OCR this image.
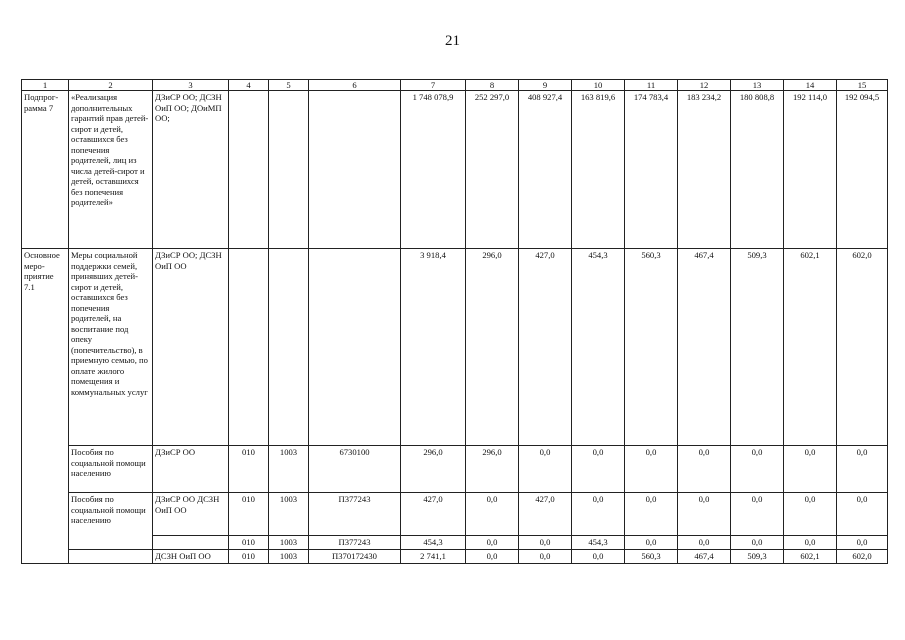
21
1	2	3	4	5	6	7	8	9	10	11	12	13	14	15
Подпрог-рамма 7	«Реализация дополнительных гарантий прав детей-сирот и детей, оставшихся без попечения родителей, лиц из числа детей-сирот и детей, оставшихся без попечения родителей»	ДЗиСР ОО; ДСЗН ОиП ОО; ДОиМП ОО;				1 748 078,9	252 297,0	408 927,4	163 819,6	174 783,4	183 234,2	180 808,8	192 114,0	192 094,5
Основное меро-приятие 7.1	Меры социальной поддержки семей, принявших детей-сирот и детей, оставшихся без попечения родителей, на воспитание под опеку (попечительство), в приемную семью, по оплате жилого помещения и коммунальных услуг	ДЗиСР ОО; ДСЗН ОиП ОО				3 918,4	296,0	427,0	454,3	560,3	467,4	509,3	602,1	602,0
	Пособия по социальной помощи населению	ДЗиСР ОО	010	1003	6730100	296,0	296,0	0,0	0,0	0,0	0,0	0,0	0,0	0,0
	Пособия по социальной помощи населению	ДЗиСР ОО ДСЗН ОиП ОО	010	1003	П377243	427,0	0,0	427,0	0,0	0,0	0,0	0,0	0,0	0,0
			010	1003	П377243	454,3	0,0	0,0	454,3	0,0	0,0	0,0	0,0	0,0
		ДСЗН ОиП ОО	010	1003	П370172430	2 741,1	0,0	0,0	0,0	560,3	467,4	509,3	602,1	602,0
